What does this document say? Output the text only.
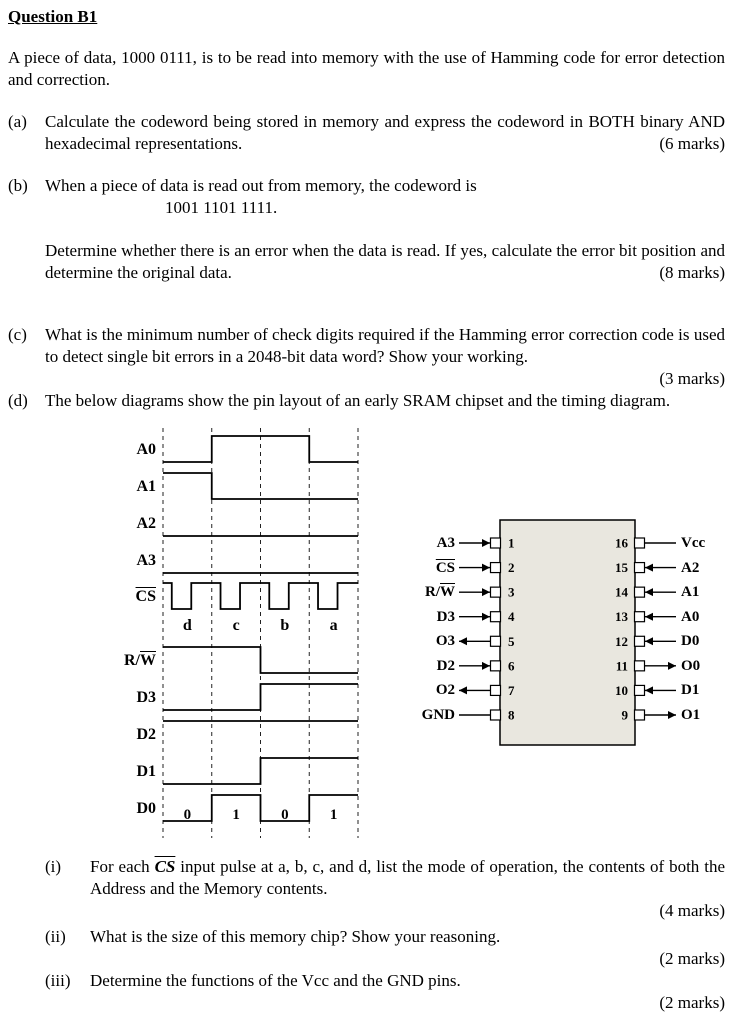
Question B1

A piece of data, 1000 0111, is to be read into memory with the use of Hamming code for error detection and correction.

(a)	Calculate the codeword being stored in memory and express the codeword in BOTH binary AND hexadecimal representations.	(6 marks)
(b)	When a piece of data is read out from memory, the codeword is
1001 1101 1111.
Determine whether there is an error when the data is read. If yes, calculate the error bit position and determine the original data.	(8 marks)
(c)	What is the minimum number of check digits required if the Hamming error correction code is used to detect single bit errors in a 2048-bit data word? Show your working.
(3 marks)
(d)	The below diagrams show the pin layout of an early SRAM chipset and the timing diagram.
0	1	0	1
d	c	b	a
1
2
3
4
5
6
7
8
16
15
14
13
12
11
10
9
A0
A1
A2
A3
$\overline{CS}$
$R/\overline{W}$
D3
D2
D1
D0
A3
$\overline{CS}$
$R/\overline{W}$
D3
O3
D2
O2
GND
Vcc
A2
A1
A0
D0
O0
D1
O1
(i)	For each $\overline{CS}$ input pulse at a, b, c, and d, list the mode of operation, the contents of both the Address and the Memory contents.
(4 marks)
(ii)	What is the size of this memory chip? Show your reasoning.
(2 marks)
(iii)	Determine the functions of the Vcc and the GND pins.
(2 marks)
